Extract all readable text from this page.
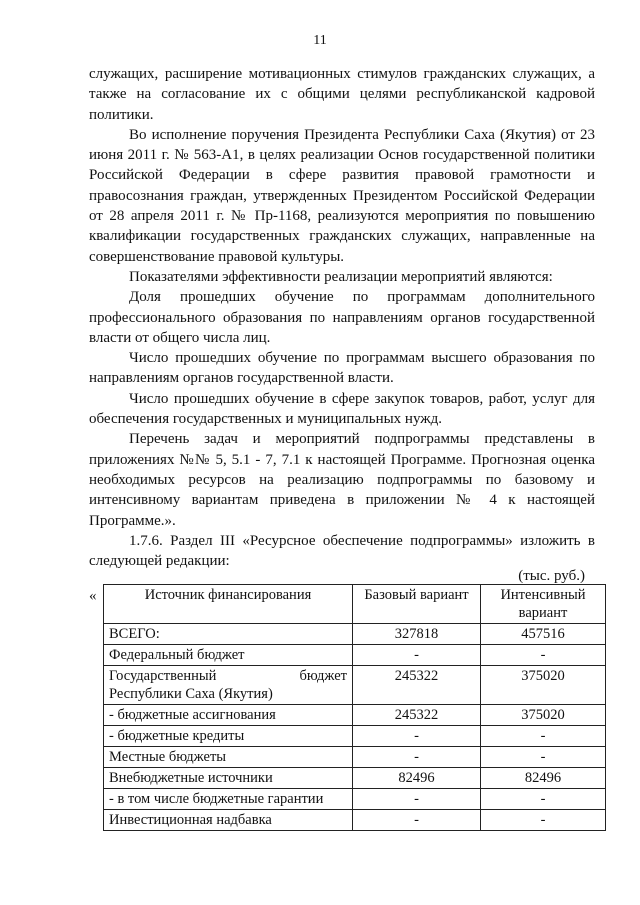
11

служащих, расширение мотивационных стимулов гражданских служащих, а также на согласование их с общими целями республиканской кадровой политики.

Во исполнение поручения Президента Республики Саха (Якутия) от 23 июня 2011 г. № 563-А1, в целях реализации Основ государственной политики Российской Федерации в сфере развития правовой грамотности и правосознания граждан, утвержденных Президентом Российской Федерации от 28 апреля 2011 г. № Пр-1168, реализуются мероприятия по повышению квалификации государственных гражданских служащих, направленные на совершенствование правовой культуры.

Показателями эффективности реализации мероприятий являются:

Доля прошедших обучение по программам дополнительного профессионального образования по направлениям органов государственной власти от общего числа лиц.

Число прошедших обучение по программам высшего образования по направлениям органов государственной власти.

Число прошедших обучение в сфере закупок товаров, работ, услуг для обеспечения государственных и муниципальных нужд.

Перечень задач и мероприятий подпрограммы представлены в приложениях №№ 5, 5.1 - 7, 7.1 к настоящей Программе. Прогнозная оценка необходимых ресурсов на реализацию подпрограммы по базовому и интенсивному вариантам приведена в приложении № 4 к настоящей Программе.».

1.7.6. Раздел III «Ресурсное обеспечение подпрограммы» изложить в следующей редакции:

(тыс. руб.)
«	Источник финансирования	Базовый вариант	Интенсивный вариант
ВСЕГО:	327818	457516
Федеральный бюджет	-	-

Государственный бюджет
Республики Саха (Якутия)	245322	375020
- бюджетные ассигнования	245322	375020
- бюджетные кредиты	-	-
Местные бюджеты	-	-
Внебюджетные источники	82496	82496
- в том числе бюджетные гарантии	-	-
Инвестиционная надбавка	-	-
